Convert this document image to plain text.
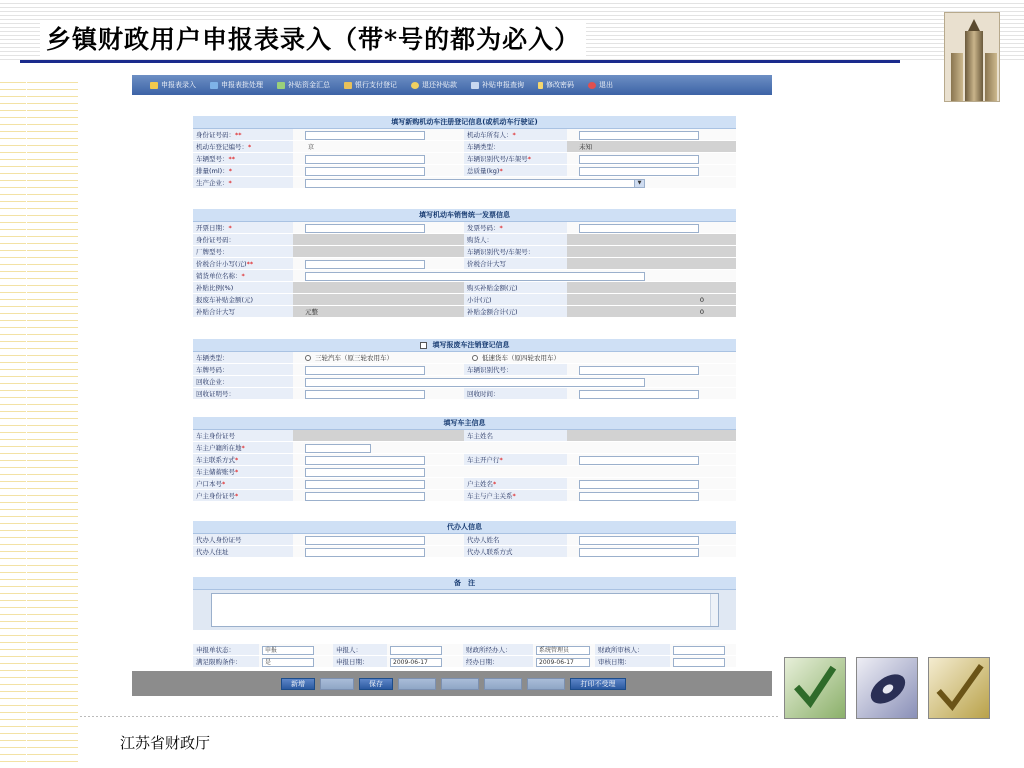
乡镇财政用户申报表录入（带*号的都为必入）
江苏省财政厅
申报表录入	申报表批处理	补贴资金汇总	银行支付登记	退还补贴款	补贴申报查询	修改密码	退出
填写新购机动车注册登记信息(或机动车行驶证)
身份证号码：**	机动车所有人：*
机动车登记编号：*	京	车辆类型：	未知
车辆型号：**	车辆识别代号/车架号*
排量(ml)：*	总质量(kg)*
生产企业：*	▼
填写机动车销售统一发票信息
开票日期：*	发票号码：*
身份证号码：	购货人：
厂牌型号：	车辆识别代号/车架号：
价税合计小写(元)**	价税合计大写
销货单位名称：*
补贴比例(%)	购买补贴金额(元)
报废车补贴金额(元)	小计(元)	0
补贴合计大写	元整	补贴金额合计(元)	0
填写报废车注销登记信息
车辆类型：	三轮汽车（原三轮农用车）	低速货车（原四轮农用车）
车牌号码：	车辆识别代号：
回收企业：
回收证明号：	回收时间：
填写车主信息
车主身份证号	车主姓名
车主户籍所在地*
车主联系方式*	车主开户行*
车主储蓄账号*
户口本号*	户主姓名*
户主身份证号*	车主与户主关系*
代办人信息
代办人身份证号	代办人姓名
代办人住址	代办人联系方式
备　注
申报单状态：	申报	申报人：	财政所经办人：	系统管理员	财政所审核人：
满足限购条件：	是	申报日期：	2009-06-17	经办日期：	2009-06-17	审核日期：
新增	保存	打印不受理
